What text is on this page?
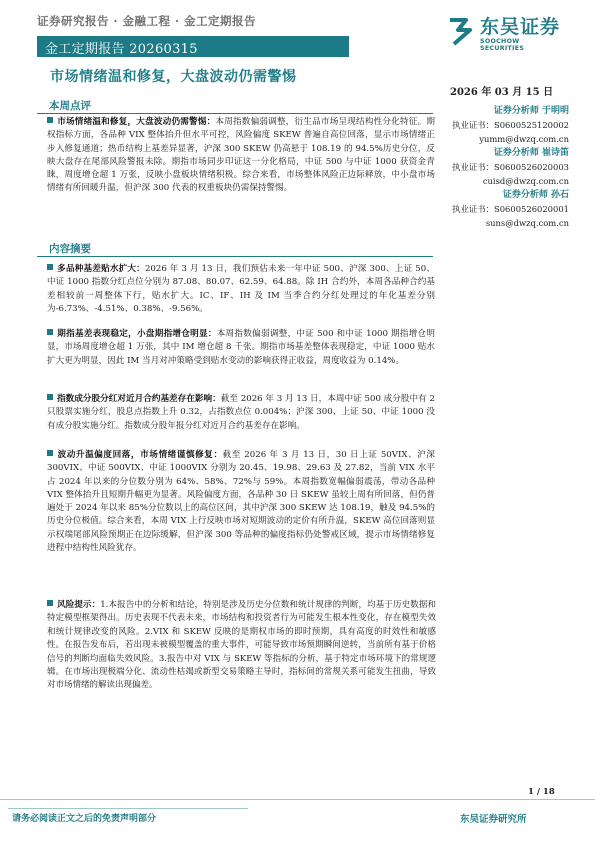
证券研究报告 · 金融工程 · 金工定期报告
金工定期报告 20260315
东吴证券
SOOCHOW SECURITIES
市场情绪温和修复，大盘波动仍需警惕
2026 年 03 月 15 日
证券分析师 于明明
执业证书：S0600525120002
yumm@dwzq.com.cn
证券分析师 崔诗笛
执业证书：S0600526020003
cuisd@dwzq.com.cn
证券分析师 孙石
执业证书：S0600526020001
suns@dwzq.com.cn
本周点评
市场情绪温和修复，大盘波动仍需警惕：本周指数偏弱调整，衍生品市场呈现结构性分化特征。期权指标方面，各品种 VIX 整体抬升但水平可控，风险偏度 SKEW 普遍自高位回落，显示市场情绪正步入修复通道；热币结构上基差异显著，沪深 300 SKEW 仍高悬于 108.19 的 94.5%历史分位，反映大盘存在尾部风险警报未除。期指市场同步印证这一分化格局，中证 500 与中证 1000 获资金青睐，周度增仓超 1 万张，反映小盘板块情绪积极。综合来看，市场整体风险正边际释放，中小盘市场情绪有所回暖升温，但沪深 300 代表的权重板块仍需保持警惕。
内容摘要
多品种基差贴水扩大：2026 年 3 月 13 日，我们预估未来一年中证 500、沪深 300、上证 50、中证 1000 指数分红点位分别为 87.08、80.07、62.59、64.88。除 IH 合约外，本周各品种合约基差相较前一周整体下行，贴水扩大。IC、IF、IH 及 IM 当季合约分红处理过的年化基差分别为-6.73%、-4.51%、0.38%、-9.56%。
期指基差表现稳定，小盘期指增仓明显：本周指数偏弱调整，中证 500 和中证 1000 期指增仓明显，市场周度增仓超 1 万张，其中 IM 增仓超 8 千张。期指市场基差整体表现稳定，中证 1000 贴水扩大更为明显，因此 IM 当月对冲策略受到贴水变动的影响获得正收益，周度收益为 0.14%。
指数成分股分红对近月合约基差存在影响：截至 2026 年 3 月 13 日，本周中证 500 成分股中有 2 只股票实施分红，股息点指数上升 0.32，占指数点位 0.004%；沪深 300、上证 50、中证 1000 没有成分股实施分红。指数成分股年报分红对近月合约基差存在影响。
波动升温偏度回落，市场情绪谨慎修复：截至 2026 年 3 月 13 日，30 日上证 50VIX、沪深 300VIX、中证 500VIX、中证 1000VIX 分别为 20.45、19.98、29.63 及 27.82，当前 VIX 水平占 2024 年以来的分位数分别为 64%、58%、72%与 59%。本周指数宽幅偏弱震荡，带动各品种 VIX 整体抬升且短期升幅更为显著。风险偏度方面，各品种 30 日 SKEW 虽较上周有所回落，但仍普遍处于 2024 年以来 85%分位数以上的高位区间，其中沪深 300 SKEW 达 108.19，触及 94.5%的历史分位极值。综合来看，本周 VIX 上行反映市场对短期波动的定价有所升温，SKEW 高位回落则显示权端尾部风险预期正在边际缓解，但沪深 300 等品种的偏度指标仍处警戒区域，提示市场情绪修复进程中结构性风险犹存。
风险提示：1.本报告中的分析和结论，特别是涉及历史分位数和统计规律的判断，均基于历史数据和特定模型框架得出。历史表现不代表未来，市场结构和投资者行为可能发生根本性变化，存在模型失效和统计规律改变的风险。2.VIX 和 SKEW 反映的是期权市场的即时预期，具有高度的时效性和敏感性。在报告发布后，若出现未被模型覆盖的重大事件，可能导致市场预期瞬间逆转，当前所有基于价格信号的判断均面临失效风险。3.报告中对 VIX 与 SKEW 等指标的分析，基于特定市场环境下的常规逻辑。在市场出现极端分化、流动性枯竭或新型交易策略主导时，指标间的常规关系可能发生扭曲，导致对市场情绪的解读出现偏差。
1 / 18
请务必阅读正文之后的免责声明部分	东吴证券研究所
